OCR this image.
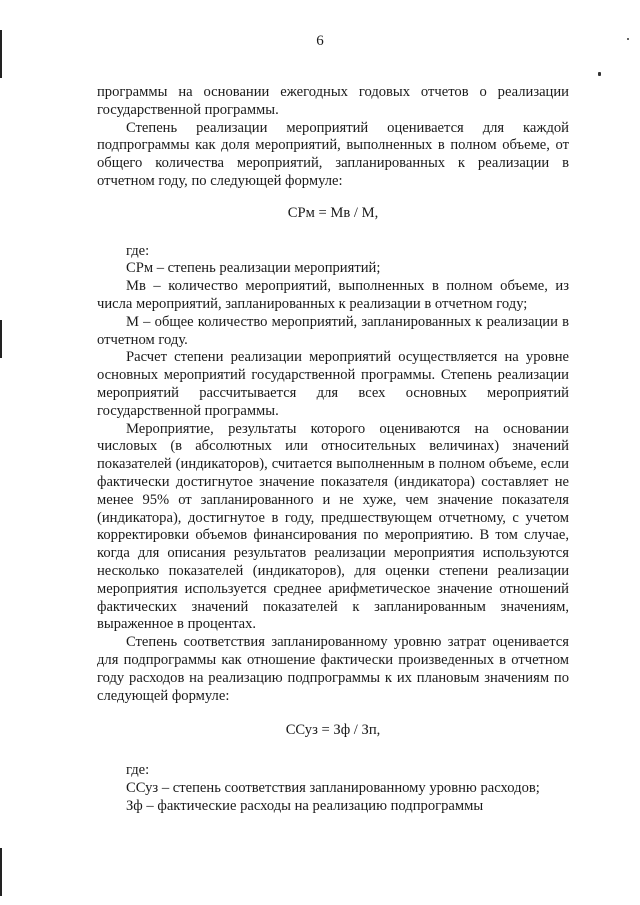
6

программы на основании ежегодных годовых отчетов о реализации государственной программы.

Степень реализации мероприятий оценивается для каждой подпрограммы как доля мероприятий, выполненных в полном объеме, от общего количества мероприятий, запланированных к реализации в отчетном году, по следующей формуле:

СРм = Мв / М,

где:

СРм – степень реализации мероприятий;

Мв – количество мероприятий, выполненных в полном объеме, из числа мероприятий, запланированных к реализации в отчетном году;

М – общее количество мероприятий, запланированных к реализации в отчетном году.

Расчет степени реализации мероприятий осуществляется на уровне основных мероприятий государственной программы. Степень реализации мероприятий рассчитывается для всех основных мероприятий государственной программы.

Мероприятие, результаты которого оцениваются на основании числовых (в абсолютных или относительных величинах) значений показателей (индикаторов), считается выполненным в полном объеме, если фактически достигнутое значение показателя (индикатора) составляет не менее 95% от запланированного и не хуже, чем значение показателя (индикатора), достигнутое в году, предшествующем отчетному, с учетом корректировки объемов финансирования по мероприятию. В том случае, когда для описания результатов реализации мероприятия используются несколько показателей (индикаторов), для оценки степени реализации мероприятия используется среднее арифметическое значение отношений фактических значений показателей к запланированным значениям, выраженное в процентах.

Степень соответствия запланированному уровню затрат оценивается для подпрограммы как отношение фактически произведенных в отчетном году расходов на реализацию подпрограммы к их плановым значениям по следующей формуле:

ССуз = Зф / Зп,

где:

ССуз – степень соответствия запланированному уровню расходов;

Зф – фактические расходы на реализацию подпрограммы
